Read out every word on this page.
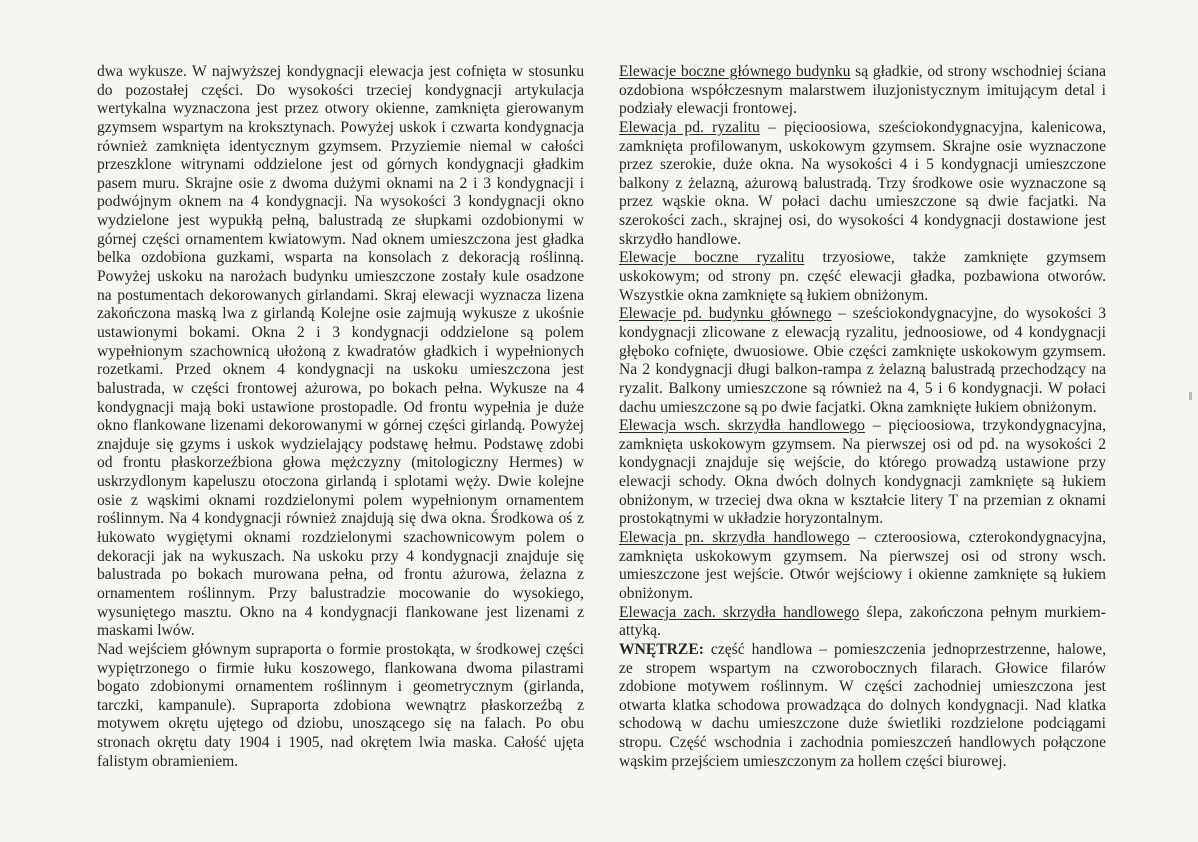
dwa wykusze. W najwyższej kondygnacji elewacja jest cofnięta w stosunku
do pozostałej części. Do wysokości trzeciej kondygnacji artykulacja
wertykalna wyznaczona jest przez otwory okienne, zamknięta gierowanym
gzymsem wspartym na kroksztynach. Powyżej uskok i czwarta kondygnacja
również zamknięta identycznym gzymsem. Przyziemie niemal w całości
przeszklone witrynami oddzielone jest od górnych kondygnacji gładkim
pasem muru. Skrajne osie z dwoma dużymi oknami na 2 i 3 kondygnacji i
podwójnym oknem na 4 kondygnacji. Na wysokości 3 kondygnacji okno
wydzielone jest wypukłą pełną, balustradą ze słupkami ozdobionymi w
górnej części ornamentem kwiatowym. Nad oknem umieszczona jest gładka
belka ozdobiona guzkami, wsparta na konsolach z dekoracją roślinną.
Powyżej uskoku na narożach budynku umieszczone zostały kule osadzone
na postumentach dekorowanych girlandami. Skraj elewacji wyznacza lizena
zakończona maską lwa z girlandą Kolejne osie zajmują wykusze z ukośnie
ustawionymi bokami. Okna 2 i 3 kondygnacji oddzielone są polem
wypełnionym szachownicą ułożoną z kwadratów gładkich i wypełnionych
rozetkami. Przed oknem 4 kondygnacji na uskoku umieszczona jest
balustrada, w części frontowej ażurowa, po bokach pełna. Wykusze na 4
kondygnacji mają boki ustawione prostopadle. Od frontu wypełnia je duże
okno flankowane lizenami dekorowanymi w górnej części girlandą. Powyżej
znajduje się gzyms i uskok wydzielający podstawę hełmu. Podstawę zdobi
od frontu płaskorzeźbiona głowa mężczyzny (mitologiczny Hermes) w
uskrzydlonym kapeluszu otoczona girlandą i splotami węży. Dwie kolejne
osie z wąskimi oknami rozdzielonymi polem wypełnionym ornamentem
roślinnym. Na 4 kondygnacji również znajdują się dwa okna. Środkowa oś z
łukowato wygiętymi oknami rozdzielonymi szachownicowym polem o
dekoracji jak na wykuszach. Na uskoku przy 4 kondygnacji znajduje się
balustrada po bokach murowana pełna, od frontu ażurowa, żelazna z
ornamentem roślinnym. Przy balustradzie mocowanie do wysokiego,
wysuniętego masztu. Okno na 4 kondygnacji flankowane jest lizenami z
maskami lwów.
Nad wejściem głównym supraporta o formie prostokąta, w środkowej części
wypiętrzonego o firmie łuku koszowego, flankowana dwoma pilastrami
bogato zdobionymi ornamentem roślinnym i geometrycznym (girlanda,
tarczki, kampanule). Supraporta zdobiona wewnątrz płaskorzeźbą z
motywem okrętu ujętego od dziobu, unoszącego się na falach. Po obu
stronach okrętu daty 1904 i 1905, nad okrętem lwia maska. Całość ujęta
falistym obramieniem.
Elewacje boczne głównego budynku są gładkie, od strony wschodniej ściana
ozdobiona współczesnym malarstwem iluzjonistycznym imitującym detal i
podziały elewacji frontowej.
Elewacja pd. ryzalitu – pięcioosiowa, sześciokondygnacyjna, kalenicowa,
zamknięta profilowanym, uskokowym gzymsem. Skrajne osie wyznaczone
przez szerokie, duże okna. Na wysokości 4 i 5 kondygnacji umieszczone
balkony z żelazną, ażurową balustradą. Trzy środkowe osie wyznaczone są
przez wąskie okna. W połaci dachu umieszczone są dwie facjatki. Na
szerokości zach., skrajnej osi, do wysokości 4 kondygnacji dostawione jest
skrzydło handlowe.
Elewacje boczne ryzalitu trzyosiowe, także zamknięte gzymsem
uskokowym; od strony pn. część elewacji gładka, pozbawiona otworów.
Wszystkie okna zamknięte są łukiem obniżonym.
Elewacje pd. budynku głównego – sześciokondygnacyjne, do wysokości 3
kondygnacji zlicowane z elewacją ryzalitu, jednoosiowe, od 4 kondygnacji
głęboko cofnięte, dwuosiowe. Obie części zamknięte uskokowym gzymsem.
Na 2 kondygnacji długi balkon-rampa z żelazną balustradą przechodzący na
ryzalit. Balkony umieszczone są również na 4, 5 i 6 kondygnacji. W połaci
dachu umieszczone są po dwie facjatki. Okna zamknięte łukiem obniżonym.
Elewacja wsch. skrzydła handlowego – pięcioosiowa, trzykondygnacyjna,
zamknięta uskokowym gzymsem. Na pierwszej osi od pd. na wysokości 2
kondygnacji znajduje się wejście, do którego prowadzą ustawione przy
elewacji schody. Okna dwóch dolnych kondygnacji zamknięte są łukiem
obniżonym, w trzeciej dwa okna w kształcie litery T na przemian z oknami
prostokątnymi w układzie horyzontalnym.
Elewacja pn. skrzydła handlowego – czteroosiowa, czterokondygnacyjna,
zamknięta uskokowym gzymsem. Na pierwszej osi od strony wsch.
umieszczone jest wejście. Otwór wejściowy i okienne zamknięte są łukiem
obniżonym.
Elewacja zach. skrzydła handlowego ślepa, zakończona pełnym murkiem-
attyką.
WNĘTRZE: część handlowa – pomieszczenia jednoprzestrzenne, halowe,
ze stropem wspartym na czworobocznych filarach. Głowice filarów
zdobione motywem roślinnym. W części zachodniej umieszczona jest
otwarta klatka schodowa prowadząca do dolnych kondygnacji. Nad klatka
schodową w dachu umieszczone duże świetliki rozdzielone podciągami
stropu. Część wschodnia i zachodnia pomieszczeń handlowych połączone
wąskim przejściem umieszczonym za hollem części biurowej.
